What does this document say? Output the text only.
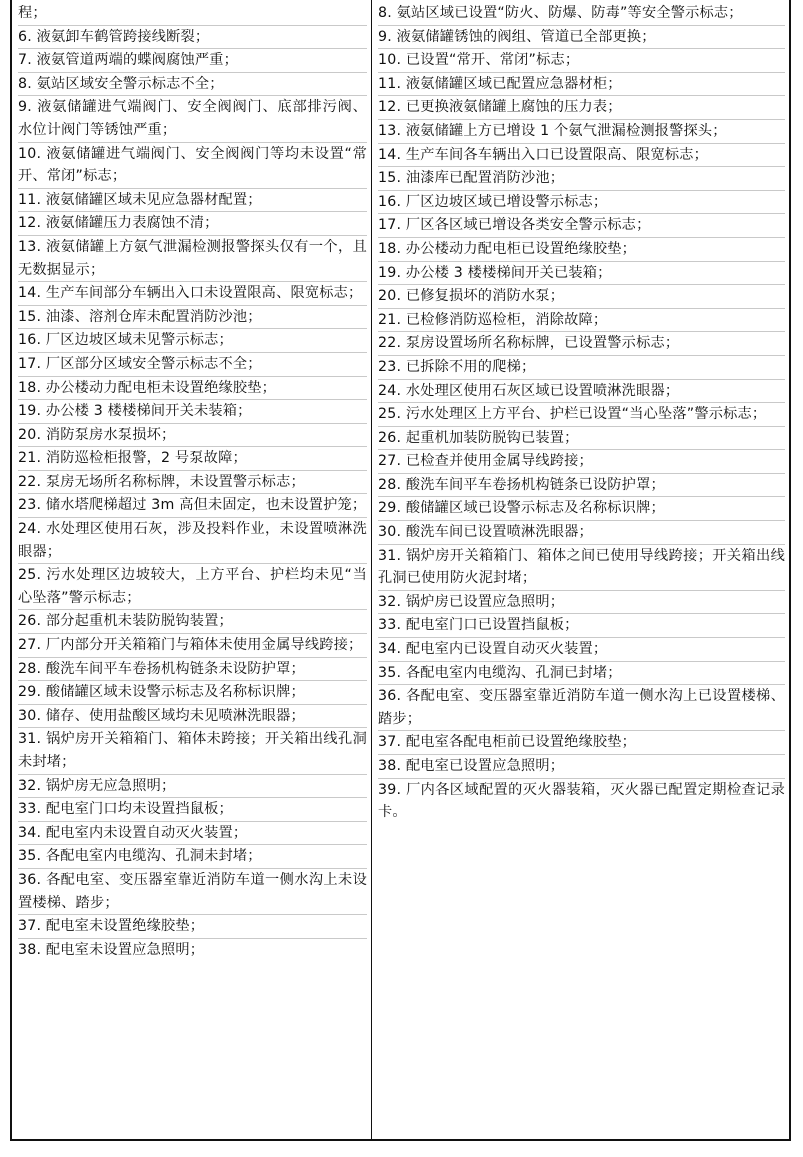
程；
6. 液氨卸车鹤管跨接线断裂；
7. 液氨管道两端的蝶阀腐蚀严重；
8. 氨站区域安全警示标志不全；
9. 液氨储罐进气端阀门、安全阀阀门、底部排污阀、水位计阀门等锈蚀严重；
10. 液氨储罐进气端阀门、安全阀阀门等均未设置“常开、常闭”标志；
11. 液氨储罐区域未见应急器材配置；
12. 液氨储罐压力表腐蚀不清；
13. 液氨储罐上方氨气泄漏检测报警探头仅有一个，且无数据显示；
14. 生产车间部分车辆出入口未设置限高、限宽标志；
15. 油漆、溶剂仓库未配置消防沙池；
16. 厂区边坡区域未见警示标志；
17. 厂区部分区域安全警示标志不全；
18. 办公楼动力配电柜未设置绝缘胶垫；
19. 办公楼 3 楼楼梯间开关未装箱；
20. 消防泵房水泵损坏；
21. 消防巡检柜报警，2 号泵故障；
22. 泵房无场所名称标牌，未设置警示标志；
23. 储水塔爬梯超过 3m 高但未固定，也未设置护笼；
24. 水处理区使用石灰，涉及投料作业，未设置喷淋洗眼器；
25. 污水处理区边坡较大，上方平台、护栏均未见“当心坠落”警示标志；
26. 部分起重机未装防脱钩装置；
27. 厂内部分开关箱箱门与箱体未使用金属导线跨接；
28. 酸洗车间平车卷扬机构链条未设防护罩；
29. 酸储罐区域未设警示标志及名称标识牌；
30. 储存、使用盐酸区域均未见喷淋洗眼器；
31. 锅炉房开关箱箱门、箱体未跨接；开关箱出线孔洞未封堵；
32. 锅炉房无应急照明；
33. 配电室门口均未设置挡鼠板；
34. 配电室内未设置自动灭火装置；
35. 各配电室内电缆沟、孔洞未封堵；
36. 各配电室、变压器室靠近消防车道一侧水沟上未设置楼梯、踏步；
37. 配电室未设置绝缘胶垫；
38. 配电室未设置应急照明；
8. 氨站区域已设置“防火、防爆、防毒”等安全警示标志；
9. 液氨储罐锈蚀的阀组、管道已全部更换；
10. 已设置“常开、常闭”标志；
11. 液氨储罐区域已配置应急器材柜；
12. 已更换液氨储罐上腐蚀的压力表；
13. 液氨储罐上方已增设 1 个氨气泄漏检测报警探头；
14. 生产车间各车辆出入口已设置限高、限宽标志；
15. 油漆库已配置消防沙池；
16. 厂区边坡区域已增设警示标志；
17. 厂区各区域已增设各类安全警示标志；
18. 办公楼动力配电柜已设置绝缘胶垫；
19. 办公楼 3 楼楼梯间开关已装箱；
20. 已修复损坏的消防水泵；
21. 已检修消防巡检柜，消除故障；
22. 泵房设置场所名称标牌，已设置警示标志；
23. 已拆除不用的爬梯；
24. 水处理区使用石灰区域已设置喷淋洗眼器；
25. 污水处理区上方平台、护栏已设置“当心坠落”警示标志；
26. 起重机加装防脱钩已装置；
27. 已检查并使用金属导线跨接；
28. 酸洗车间平车卷扬机构链条已设防护罩；
29. 酸储罐区域已设警示标志及名称标识牌；
30. 酸洗车间已设置喷淋洗眼器；
31. 锅炉房开关箱箱门、箱体之间已使用导线跨接；开关箱出线孔洞已使用防火泥封堵；
32. 锅炉房已设置应急照明；
33. 配电室门口已设置挡鼠板；
34. 配电室内已设置自动灭火装置；
35. 各配电室内电缆沟、孔洞已封堵；
36. 各配电室、变压器室靠近消防车道一侧水沟上已设置楼梯、踏步；
37. 配电室各配电柜前已设置绝缘胶垫；
38. 配电室已设置应急照明；
39. 厂内各区域配置的灭火器装箱，灭火器已配置定期检查记录卡。
